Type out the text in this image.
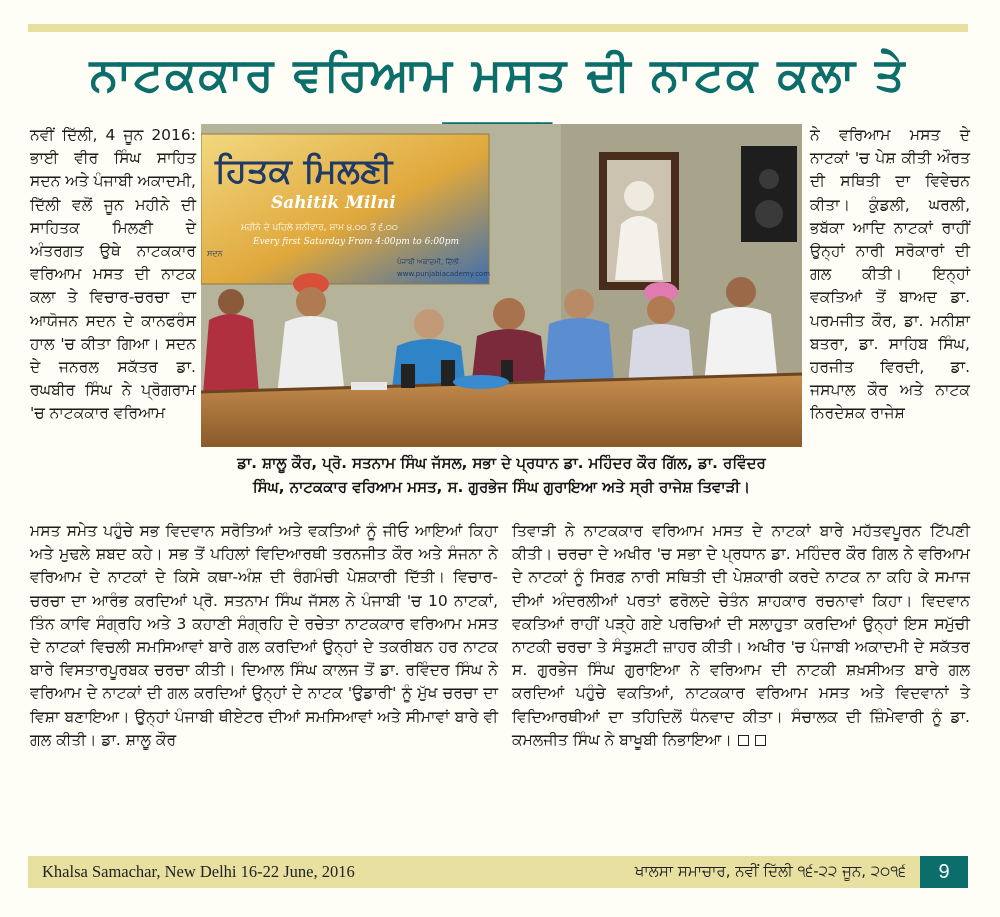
ਨਾਟਕਕਾਰ ਵਰਿਆਮ ਮਸਤ ਦੀ ਨਾਟਕ ਕਲਾ ਤੇ

ਨਵੀਂ ਦਿੱਲੀ, 4 ਜੂਨ 2016: ਭਾਈ ਵੀਰ ਸਿੰਘ ਸਾਹਿਤ ਸਦਨ ਅਤੇ ਪੰਜਾਬੀ ਅਕਾਦਮੀ, ਦਿੱਲੀ ਵਲੋਂ ਜੂਨ ਮਹੀਨੇ ਦੀ ਸਾਹਿਤਕ ਮਿਲਣੀ ਦੇ ਅੰਤਰਗਤ ਉਥੇ ਨਾਟਕਕਾਰ ਵਰਿਆਮ ਮਸਤ ਦੀ ਨਾਟਕ ਕਲਾ ਤੇ ਵਿਚਾਰ-ਚਰਚਾ ਦਾ ਆਯੋਜਨ ਸਦਨ ਦੇ ਕਾਨਫਰੰਸ ਹਾਲ 'ਚ ਕੀਤਾ ਗਿਆ। ਸਦਨ ਦੇ ਜਨਰਲ ਸਕੱਤਰ ਡਾ. ਰਘਬੀਰ ਸਿੰਘ ਨੇ ਪ੍ਰੋਗਰਾਮ 'ਚ ਨਾਟਕਕਾਰ ਵਰਿਆਮ

ਹਿਤਕ ਮਿਲਣੀ
Sahitik Milni
ਮਹੀਨੇ ਦੇ ਪਹਿਲੇ ਸ਼ਨੀਵਾਰ, ਸ਼ਾਮ ੪.੦੦ ਤੋਂ ੬.੦੦
Every first Saturday From 4:00pm to 6:00pm
ਸਦਨ
ਪੰਜਾਬੀ ਅਕਾਦਮੀ, ਦਿੱਲੀ
www.punjabiacademy.com
ਡਾ. ਸ਼ਾਲੂ ਕੌਰ, ਪ੍ਰੋ. ਸਤਨਾਮ ਸਿੰਘ ਜੱਸਲ, ਸਭਾ ਦੇ ਪ੍ਰਧਾਨ ਡਾ. ਮਹਿੰਦਰ ਕੌਰ ਗਿੱਲ, ਡਾ. ਰਵਿੰਦਰ
ਸਿੰਘ, ਨਾਟਕਕਾਰ ਵਰਿਆਮ ਮਸਤ, ਸ. ਗੁਰਭੇਜ ਸਿੰਘ ਗੁਰਾਇਆ ਅਤੇ ਸ੍ਰੀ ਰਾਜੇਸ਼ ਤਿਵਾੜੀ।

ਨੇ ਵਰਿਆਮ ਮਸਤ ਦੇ ਨਾਟਕਾਂ 'ਚ ਪੇਸ਼ ਕੀਤੀ ਔਰਤ ਦੀ ਸਥਿਤੀ ਦਾ ਵਿਵੇਚਨ ਕੀਤਾ। ਕੁੰਡਲੀ, ਘਰਲੀ, ਭਬੱਕਾ ਆਦਿ ਨਾਟਕਾਂ ਰਾਹੀਂ ਉਨ੍ਹਾਂ ਨਾਰੀ ਸਰੋਕਾਰਾਂ ਦੀ ਗਲ ਕੀਤੀ। ਇਨ੍ਹਾਂ ਵਕਤਿਆਂ ਤੋਂ ਬਾਅਦ ਡਾ. ਪਰਮਜੀਤ ਕੌਰ, ਡਾ. ਮਨੀਸ਼ਾ ਬਤਰਾ, ਡਾ. ਸਾਹਿਬ ਸਿੰਘ, ਹਰਜੀਤ ਵਿਰਦੀ, ਡਾ. ਜਸਪਾਲ ਕੌਰ ਅਤੇ ਨਾਟਕ ਨਿਰਦੇਸ਼ਕ ਰਾਜੇਸ਼

ਮਸਤ ਸਮੇਤ ਪਹੁੰਚੇ ਸਭ ਵਿਦਵਾਨ ਸਰੋਤਿਆਂ ਅਤੇ ਵਕਤਿਆਂ ਨੂੰ ਜੀਓ ਆਇਆਂ ਕਿਹਾ ਅਤੇ ਮੁਢਲੇ ਸ਼ਬਦ ਕਹੇ। ਸਭ ਤੋਂ ਪਹਿਲਾਂ ਵਿਦਿਆਰਥੀ ਤਰਨਜੀਤ ਕੌਰ ਅਤੇ ਸੰਜਨਾ ਨੇ ਵਰਿਆਮ ਦੇ ਨਾਟਕਾਂ ਦੇ ਕਿਸੇ ਕਥਾ-ਅੰਸ਼ ਦੀ ਰੰਗਮੰਚੀ ਪੇਸ਼ਕਾਰੀ ਦਿੱਤੀ। ਵਿਚਾਰ-ਚਰਚਾ ਦਾ ਆਰੰਭ ਕਰਦਿਆਂ ਪ੍ਰੋ. ਸਤਨਾਮ ਸਿੰਘ ਜੱਸਲ ਨੇ ਪੰਜਾਬੀ 'ਚ 10 ਨਾਟਕਾਂ, ਤਿੰਨ ਕਾਵਿ ਸੰਗ੍ਰਹਿ ਅਤੇ 3 ਕਹਾਣੀ ਸੰਗ੍ਰਹਿ ਦੇ ਰਚੇਤਾ ਨਾਟਕਕਾਰ ਵਰਿਆਮ ਮਸਤ ਦੇ ਨਾਟਕਾਂ ਵਿਚਲੀ ਸਮਸਿਆਵਾਂ ਬਾਰੇ ਗਲ ਕਰਦਿਆਂ ਉਨ੍ਹਾਂ ਦੇ ਤਕਰੀਬਨ ਹਰ ਨਾਟਕ ਬਾਰੇ ਵਿਸਤਾਰਪੂਰਬਕ ਚਰਚਾ ਕੀਤੀ। ਦਿਆਲ ਸਿੰਘ ਕਾਲਜ ਤੋਂ ਡਾ. ਰਵਿੰਦਰ ਸਿੰਘ ਨੇ ਵਰਿਆਮ ਦੇ ਨਾਟਕਾਂ ਦੀ ਗਲ ਕਰਦਿਆਂ ਉਨ੍ਹਾਂ ਦੇ ਨਾਟਕ 'ਉਡਾਰੀ' ਨੂੰ ਮੁੱਖ ਚਰਚਾ ਦਾ ਵਿਸ਼ਾ ਬਣਾਇਆ। ਉਨ੍ਹਾਂ ਪੰਜਾਬੀ ਥੀਏਟਰ ਦੀਆਂ ਸਮਸਿਆਵਾਂ ਅਤੇ ਸੀਮਾਵਾਂ ਬਾਰੇ ਵੀ ਗਲ ਕੀਤੀ। ਡਾ. ਸ਼ਾਲੂ ਕੌਰ

ਤਿਵਾੜੀ ਨੇ ਨਾਟਕਕਾਰ ਵਰਿਆਮ ਮਸਤ ਦੇ ਨਾਟਕਾਂ ਬਾਰੇ ਮਹੱਤਵਪੂਰਨ ਟਿੱਪਣੀ ਕੀਤੀ। ਚਰਚਾ ਦੇ ਅਖੀਰ 'ਚ ਸਭਾ ਦੇ ਪ੍ਰਧਾਨ ਡਾ. ਮਹਿੰਦਰ ਕੌਰ ਗਿਲ ਨੇ ਵਰਿਆਮ ਦੇ ਨਾਟਕਾਂ ਨੂੰ ਸਿਰਫ਼ ਨਾਰੀ ਸਥਿਤੀ ਦੀ ਪੇਸ਼ਕਾਰੀ ਕਰਦੇ ਨਾਟਕ ਨਾ ਕਹਿ ਕੇ ਸਮਾਜ ਦੀਆਂ ਅੰਦਰਲੀਆਂ ਪਰਤਾਂ ਫਰੋਲਦੇ ਚੇਤੰਨ ਸ਼ਾਹਕਾਰ ਰਚਨਾਵਾਂ ਕਿਹਾ। ਵਿਦਵਾਨ ਵਕਤਿਆਂ ਰਾਹੀਂ ਪੜ੍ਹੇ ਗਏ ਪਰਚਿਆਂ ਦੀ ਸਲਾਹੁਤਾ ਕਰਦਿਆਂ ਉਨ੍ਹਾਂ ਇਸ ਸਮੁੱਚੀ ਨਾਟਕੀ ਚਰਚਾ ਤੇ ਸੰਤੁਸ਼ਟੀ ਜ਼ਾਹਰ ਕੀਤੀ। ਅਖੀਰ 'ਚ ਪੰਜਾਬੀ ਅਕਾਦਮੀ ਦੇ ਸਕੱਤਰ ਸ. ਗੁਰਭੇਜ ਸਿੰਘ ਗੁਰਾਇਆ ਨੇ ਵਰਿਆਮ ਦੀ ਨਾਟਕੀ ਸ਼ਖ਼ਸੀਅਤ ਬਾਰੇ ਗਲ ਕਰਦਿਆਂ ਪਹੁੰਚੇ ਵਕਤਿਆਂ, ਨਾਟਕਕਾਰ ਵਰਿਆਮ ਮਸਤ ਅਤੇ ਵਿਦਵਾਨਾਂ ਤੇ ਵਿਦਿਆਰਥੀਆਂ ਦਾ ਤਹਿਦਿਲੋਂ ਧੰਨਵਾਦ ਕੀਤਾ। ਸੰਚਾਲਕ ਦੀ ਜ਼ਿੰਮੇਵਾਰੀ ਨੂੰ ਡਾ. ਕਮਲਜੀਤ ਸਿੰਘ ਨੇ ਬਾਖੂਬੀ ਨਿਭਾਇਆ।

Khalsa Samachar, New Delhi 16-22 June, 2016	ਖਾਲਸਾ ਸਮਾਚਾਰ, ਨਵੀਂ ਦਿੱਲੀ ੧੬-੨੨ ਜੂਨ, ੨੦੧੬	9
